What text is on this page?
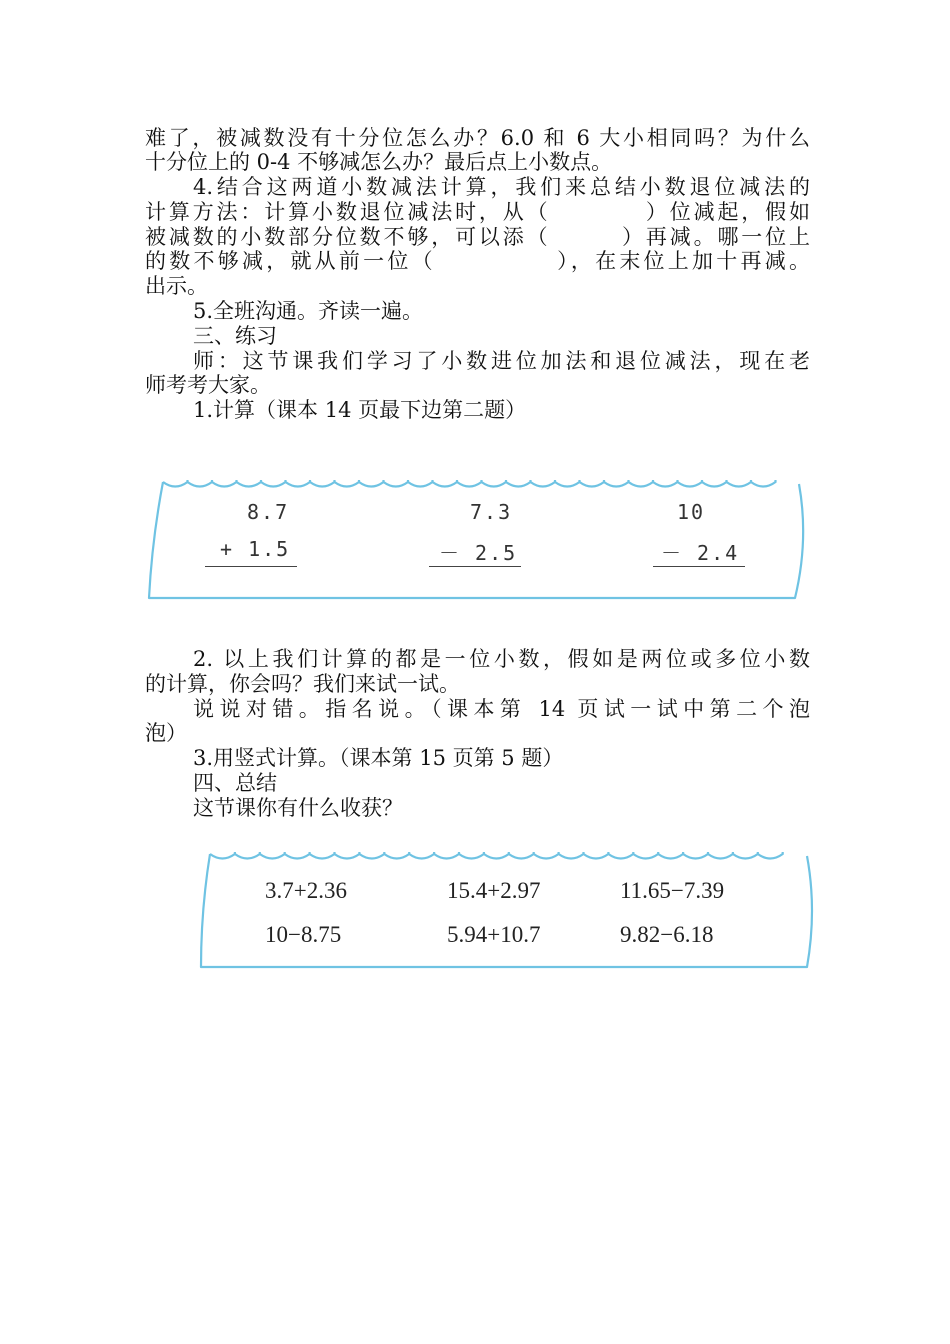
难了，被减数没有十分位怎么办？6.0 和 6 大小相同吗？为什么
十分位上的 0-4 不够减怎么办？最后点上小数点。
4.结合这两道小数减法计算，我们来总结小数退位减法的
计算方法：计算小数退位减法时，从（　　　　）位减起，假如
被减数的小数部分位数不够，可以添（　　　）再减。哪一位上
的数不够减，就从前一位（　　　　　），在末位上加十再减。
出示。
5.全班沟通。齐读一遍。
三、练习
师：这节课我们学习了小数进位加法和退位减法，现在老
师考考大家。
1.计算（课本 14 页最下边第二题）
8.7
+ 1.5
7.3
－ 2.5
10
－ 2.4
2. 以上我们计算的都是一位小数，假如是两位或多位小数
的计算，你会吗？我们来试一试。
说说对错。指名说。（课本第 14 页试一试中第二个泡
泡）
3.用竖式计算。（课本第 15 页第 5 题）
四、总结
这节课你有什么收获？
3.7+2.36	15.4+2.97	11.65−7.39
10−8.75	5.94+10.7	9.82−6.18
